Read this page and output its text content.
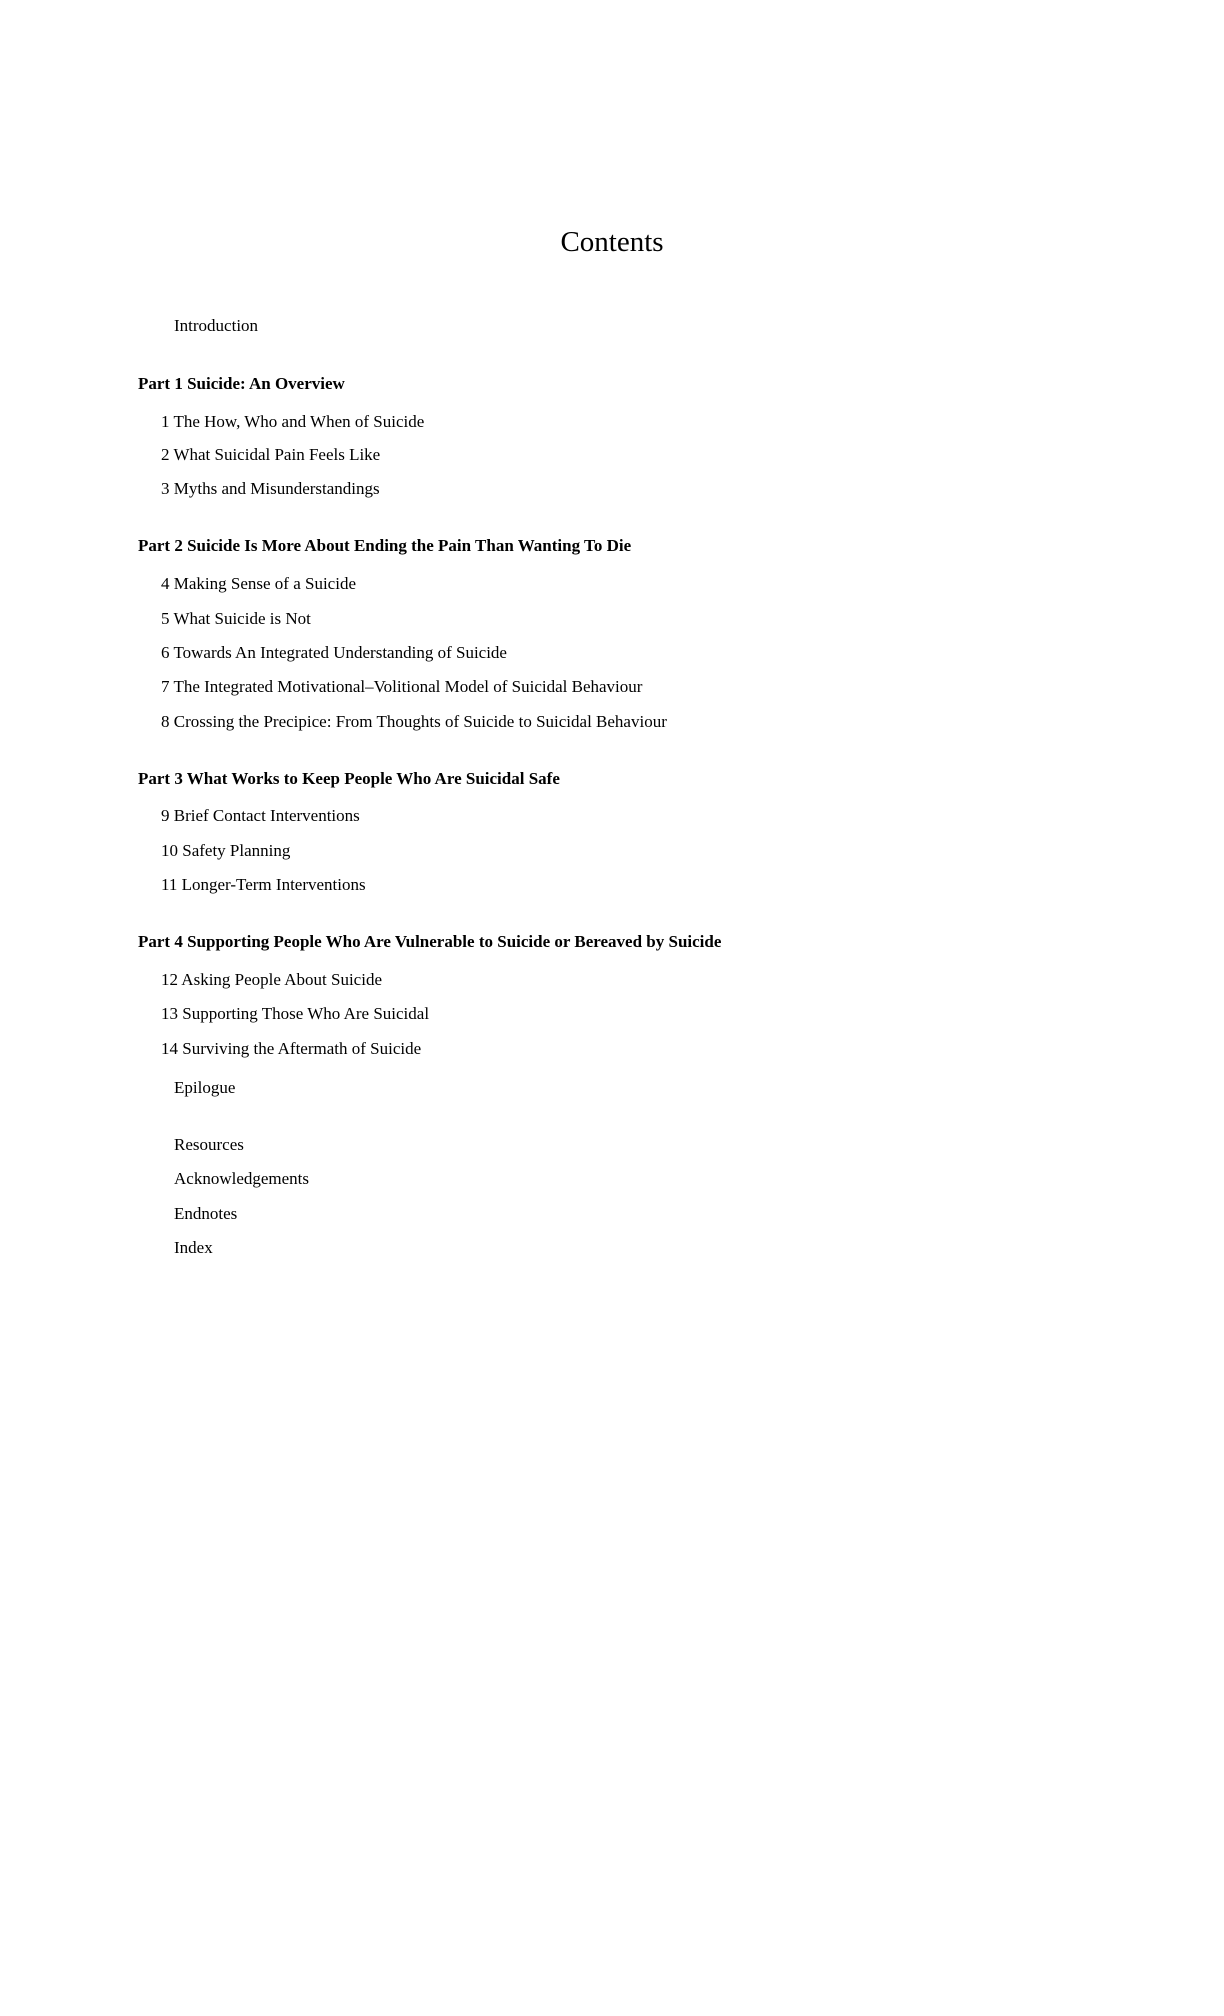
Contents
Introduction
Part 1 Suicide: An Overview
1 The How, Who and When of Suicide
2 What Suicidal Pain Feels Like
3 Myths and Misunderstandings
Part 2 Suicide Is More About Ending the Pain Than Wanting To Die
4 Making Sense of a Suicide
5 What Suicide is Not
6 Towards An Integrated Understanding of Suicide
7 The Integrated Motivational–Volitional Model of Suicidal Behaviour
8 Crossing the Precipice: From Thoughts of Suicide to Suicidal Behaviour
Part 3 What Works to Keep People Who Are Suicidal Safe
9 Brief Contact Interventions
10 Safety Planning
11 Longer-Term Interventions
Part 4 Supporting People Who Are Vulnerable to Suicide or Bereaved by Suicide
12 Asking People About Suicide
13 Supporting Those Who Are Suicidal
14 Surviving the Aftermath of Suicide
Epilogue
Resources
Acknowledgements
Endnotes
Index
